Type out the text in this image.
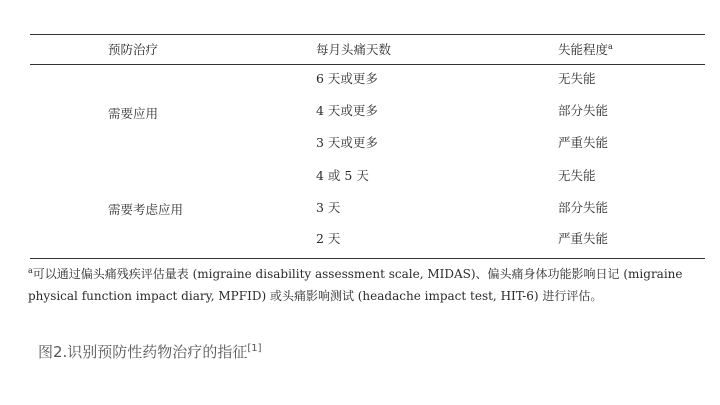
预防治疗	每月头痛天数	失能程度$^a$
需要应用
6 天或更多	无失能
4 天或更多	部分失能
3 天或更多	严重失能
需要考虑应用
4 或 5 天	无失能
3 天	部分失能
2 天	严重失能
$^a$可以通过偏头痛残疾评估量表 (migraine disability assessment scale, MIDAS)、偏头痛身体功能影响日记 (migraine physical function impact diary, MPFID) 或头痛影响测试 (headache impact test, HIT-6) 进行评估。
图2.识别预防性药物治疗的指征[1]
